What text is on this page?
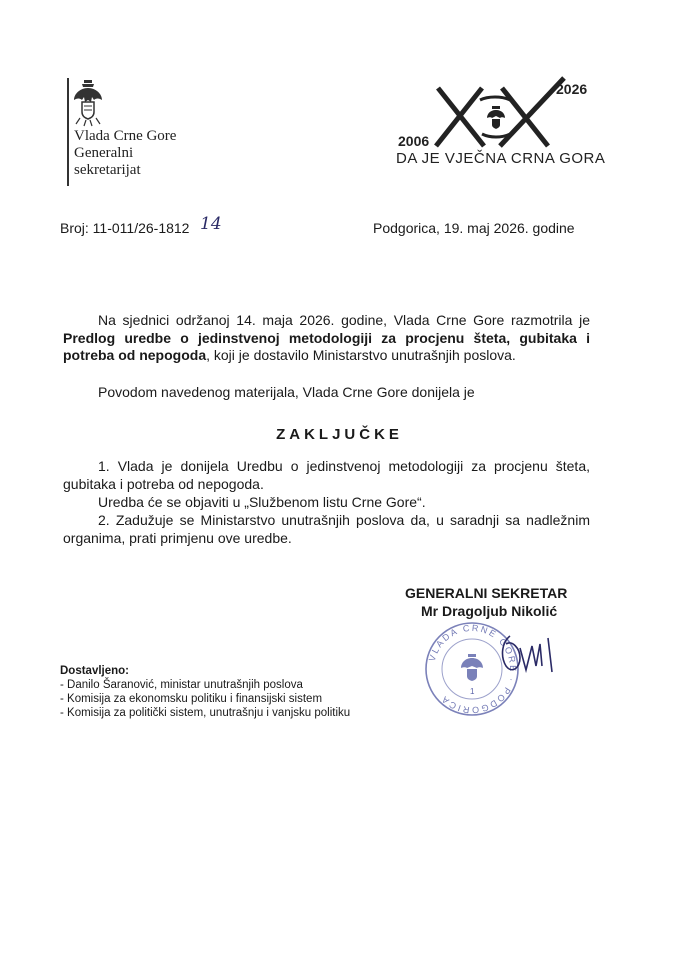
Vlada Crne Gore
Generalni
sekretarijat
2006
2026
DA JE VJEČNA CRNA GORA
Broj: 11-011/26-1812 14	Podgorica, 19. maj 2026. godine
Na sjednici održanoj 14. maja 2026. godine, Vlada Crne Gore razmotrila je Predlog uredbe o jedinstvenoj metodologiji za procjenu šteta, gubitaka i potreba od nepogoda, koji je dostavilo Ministarstvo unutrašnjih poslova.
Povodom navedenog materijala, Vlada Crne Gore donijela je
ZAKLJUČKE
1. Vlada je donijela Uredbu o jedinstvenoj metodologiji za procjenu šteta, gubitaka i potreba od nepogoda.
Uredba će se objaviti u „Službenom listu Crne Gore“.
2. Zadužuje se Ministarstvo unutrašnjih poslova da, u saradnji sa nadležnim organima, prati primjenu ove uredbe.
GENERALNI SEKRETAR
Mr Dragoljub Nikolić
VLADA CRNE GORE · PODGORICA
1
Dostavljeno:
- Danilo Šaranović, ministar unutrašnjih poslova
- Komisija za ekonomsku politiku i finansijski sistem
- Komisija za politički sistem, unutrašnju i vanjsku politiku
